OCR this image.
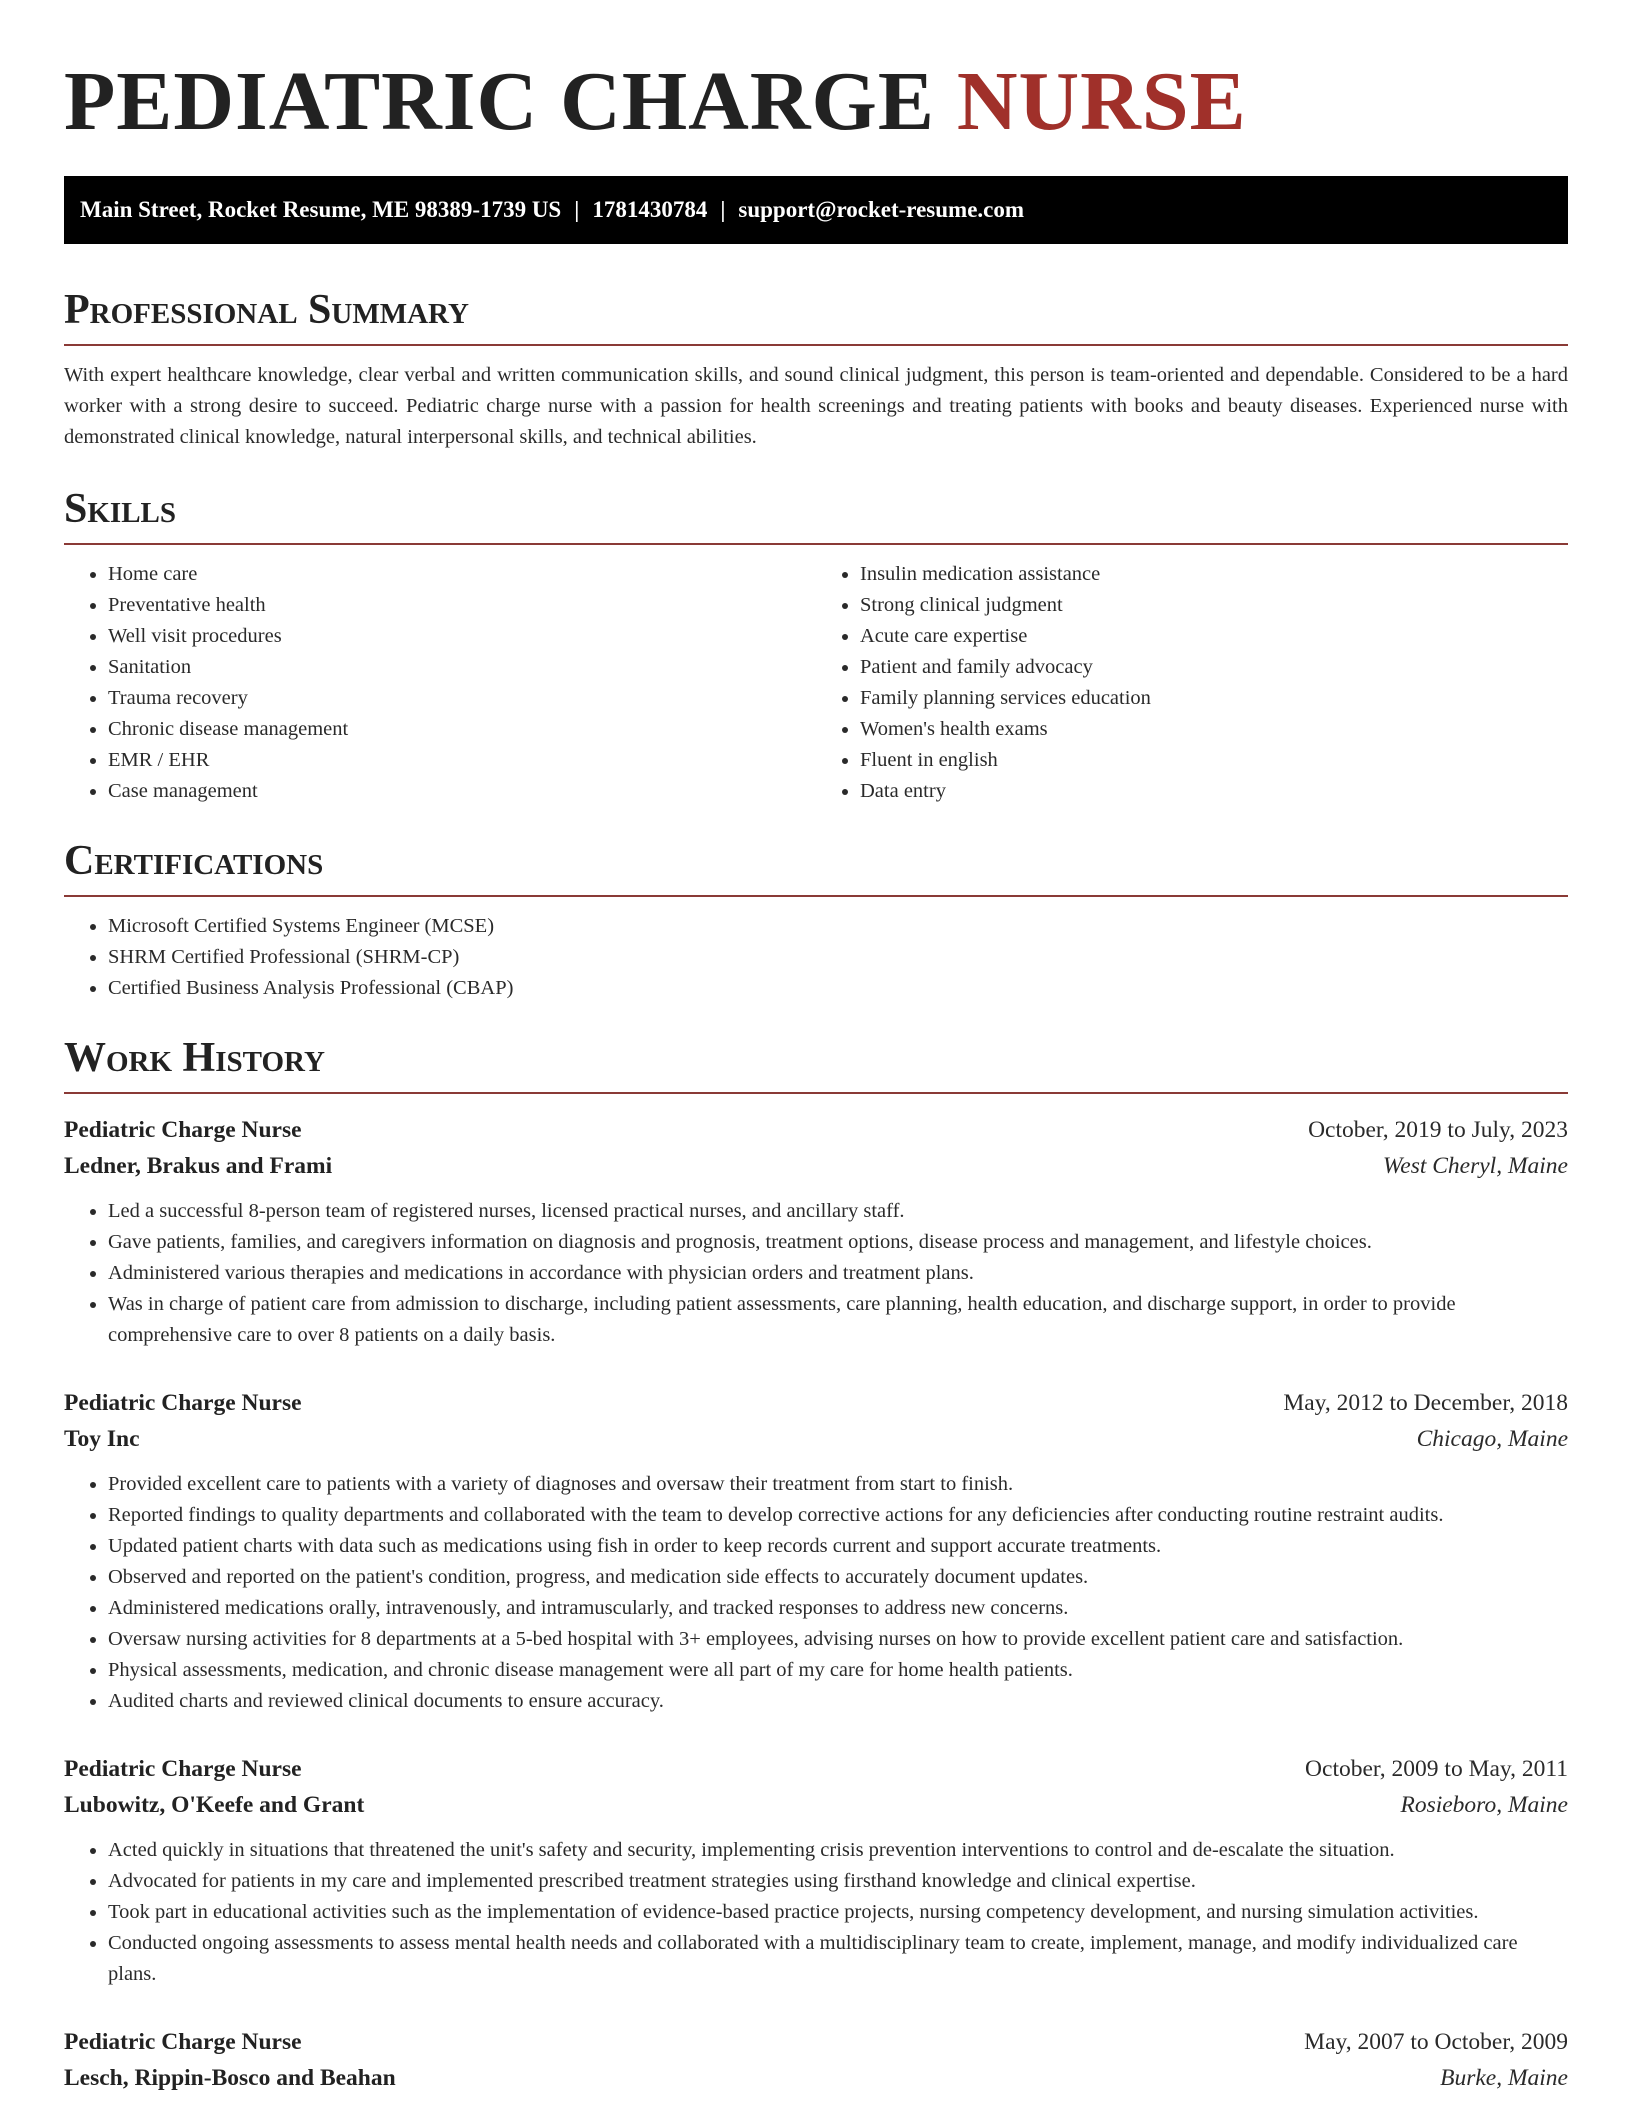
PEDIATRIC CHARGE NURSE
Main Street, Rocket Resume, ME 98389-1739 US | 1781430784 | support@rocket-resume.com
Professional Summary

With expert healthcare knowledge, clear verbal and written communication skills, and sound clinical judgment, this person is team-oriented and dependable. Considered to be a hard worker with a strong desire to succeed. Pediatric charge nurse with a passion for health screenings and treating patients with books and beauty diseases. Experienced nurse with demonstrated clinical knowledge, natural interpersonal skills, and technical abilities.

Skills
• Home care
• Preventative health
• Well visit procedures
• Sanitation
• Trauma recovery
• Chronic disease management
• EMR / EHR
• Case management
• Insulin medication assistance
• Strong clinical judgment
• Acute care expertise
• Patient and family advocacy
• Family planning services education
• Women's health exams
• Fluent in english
• Data entry
Certifications
• Microsoft Certified Systems Engineer (MCSE)
• SHRM Certified Professional (SHRM-CP)
• Certified Business Analysis Professional (CBAP)
Work History
Pediatric Charge Nurse	October, 2019 to July, 2023
Ledner, Brakus and Frami	West Cheryl, Maine
• Led a successful 8-person team of registered nurses, licensed practical nurses, and ancillary staff.
• Gave patients, families, and caregivers information on diagnosis and prognosis, treatment options, disease process and management, and lifestyle choices.
• Administered various therapies and medications in accordance with physician orders and treatment plans.
• Was in charge of patient care from admission to discharge, including patient assessments, care planning, health education, and discharge support, in order to provide comprehensive care to over 8 patients on a daily basis.
Pediatric Charge Nurse	May, 2012 to December, 2018
Toy Inc	Chicago, Maine
• Provided excellent care to patients with a variety of diagnoses and oversaw their treatment from start to finish.
• Reported findings to quality departments and collaborated with the team to develop corrective actions for any deficiencies after conducting routine restraint audits.
• Updated patient charts with data such as medications using fish in order to keep records current and support accurate treatments.
• Observed and reported on the patient's condition, progress, and medication side effects to accurately document updates.
• Administered medications orally, intravenously, and intramuscularly, and tracked responses to address new concerns.
• Oversaw nursing activities for 8 departments at a 5-bed hospital with 3+ employees, advising nurses on how to provide excellent patient care and satisfaction.
• Physical assessments, medication, and chronic disease management were all part of my care for home health patients.
• Audited charts and reviewed clinical documents to ensure accuracy.
Pediatric Charge Nurse	October, 2009 to May, 2011
Lubowitz, O'Keefe and Grant	Rosieboro, Maine
• Acted quickly in situations that threatened the unit's safety and security, implementing crisis prevention interventions to control and de-escalate the situation.
• Advocated for patients in my care and implemented prescribed treatment strategies using firsthand knowledge and clinical expertise.
• Took part in educational activities such as the implementation of evidence-based practice projects, nursing competency development, and nursing simulation activities.
• Conducted ongoing assessments to assess mental health needs and collaborated with a multidisciplinary team to create, implement, manage, and modify individualized care plans.
Pediatric Charge Nurse	May, 2007 to October, 2009
Lesch, Rippin-Bosco and Beahan	Burke, Maine
